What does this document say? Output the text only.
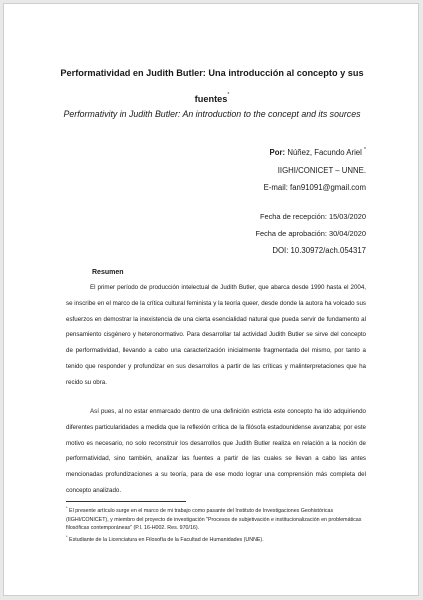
Performatividad en Judith Butler: Una introducción al concepto y sus fuentes*
Performativity in Judith Butler: An introduction to the concept and its sources
Por: Núñez, Facundo Ariel *
IIGHI/CONICET – UNNE.
E-mail: fan91091@gmail.com
Fecha de recepción: 15/03/2020
Fecha de aprobación: 30/04/2020
DOI: 10.30972/ach.054317
Resumen
El primer período de producción intelectual de Judith Butler, que abarca desde 1990 hasta el 2004, se inscribe en el marco de la crítica cultural feminista y la teoría queer, desde donde la autora ha volcado sus esfuerzos en demostrar la inexistencia de una cierta esencialidad natural que pueda servir de fundamento al pensamiento cisgénero y heteronormativo. Para desarrollar tal actividad Judith Butler se sirve del concepto de performatividad, llevando a cabo una caracterización inicialmente fragmentada del mismo, por tanto a tenido que responder y profundizar en sus desarrollos a partir de las críticas y malinterpretaciones que ha recido su obra.
Así pues, al no estar enmarcado dentro de una definición estricta este concepto ha ido adquiriendo diferentes particularidades a medida que la reflexión crítica de la filósofa estadounidense avanzaba; por este motivo es necesario, no solo reconstruir los desarrollos que Judith Butler realiza en relación a la noción de performatividad, sino también, analizar las fuentes a partir de las cuales se llevan a cabo las antes mencionadas profundizaciones a su teoría, para de ese modo lograr una comprensión más completa del concepto analizado.
* El presente artículo surge en el marco de mi trabajo como pasante del Instituto de Investigaciones Geohistóricas (IIGHI/CONICET), y miembro del proyecto de investigación "Procesos de subjetivación e institucionalización en problemáticas filosóficas contemporáneas" (P.I. 16-H002. Res. 970/16).
* Estudiante de la Licenciatura en Filosofía de la Facultad de Humanidades (UNNE).
